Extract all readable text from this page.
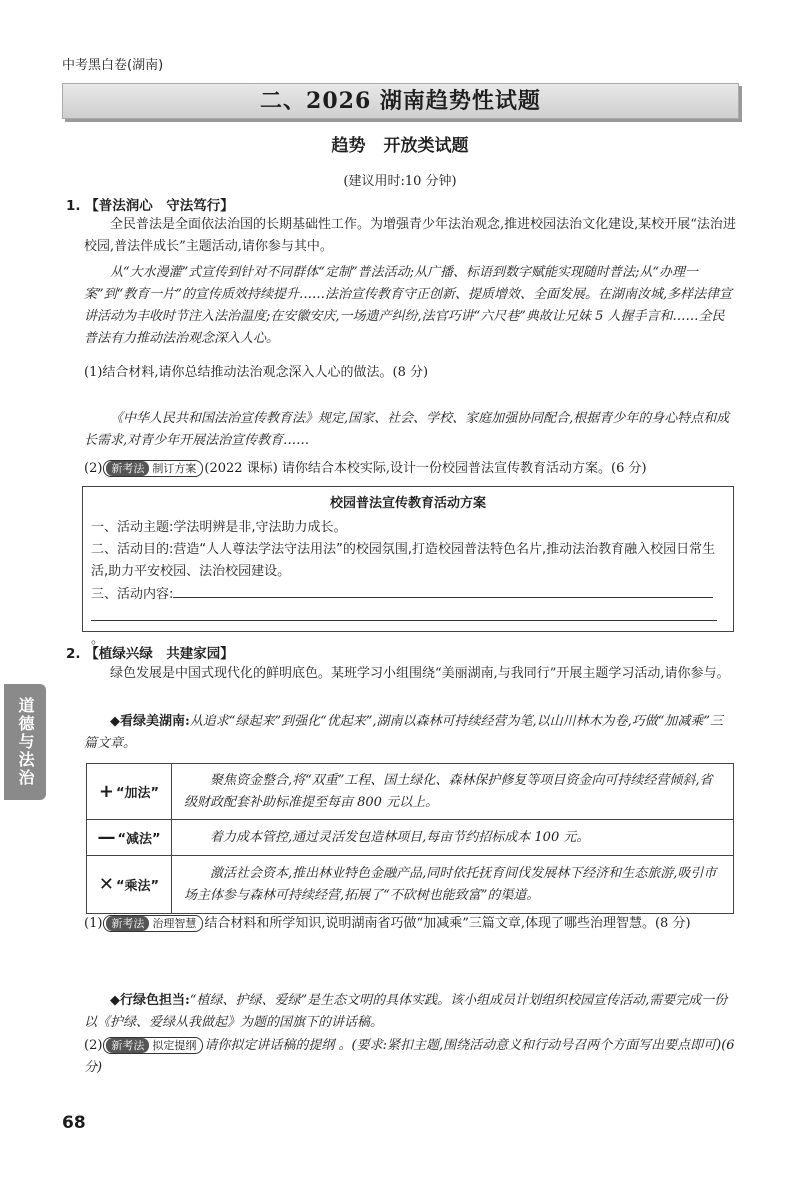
中考黑白卷(湖南)
二、2026 湖南趋势性试题
趋势 开放类试题
(建议用时:10 分钟)
1. 【普法润心　守法笃行】
全民普法是全面依法治国的长期基础性工作。为增强青少年法治观念,推进校园法治文化建设,某校开展“法治进校园,普法伴成长”主题活动,请你参与其中。
从“大水漫灌”式宣传到针对不同群体“定制”普法活动;从广播、标语到数字赋能实现随时普法;从“办理一案”到“教育一片”的宣传质效持续提升……法治宣传教育守正创新、提质增效、全面发展。在湖南汝城,多样法律宣讲活动为丰收时节注入法治温度;在安徽安庆,一场遗产纠纷,法官巧讲“六尺巷”典故让兄妹 5 人握手言和……全民普法有力推动法治观念深入人心。
(1)结合材料,请你总结推动法治观念深入人心的做法。(8 分)
《中华人民共和国法治宣传教育法》规定,国家、社会、学校、家庭加强协同配合,根据青少年的身心特点和成长需求,对青少年开展法治宣传教育……
(2) 新考法 制订方案 (2022 课标) 请你结合本校实际,设计一份校园普法宣传教育活动方案。(6 分)
校园普法宣传教育活动方案
一、活动主题:学法明辨是非,守法助力成长。
二、活动目的:营造“人人尊法学法守法用法”的校园氛围,打造校园普法特色名片,推动法治教育融入校园日常生活,助力平安校园、法治校园建设。
三、活动内容:
。
2. 【植绿兴绿　共建家园】
道德与法治
绿色发展是中国式现代化的鲜明底色。某班学习小组围绕“美丽湖南,与我同行”开展主题学习活动,请你参与。
◆看绿美湖南:从追求“绿起来”到强化“优起来”,湖南以森林可持续经营为笔,以山川林木为卷,巧做“加减乘”三篇文章。
+ “加法”	聚焦资金整合,将“双重”工程、国土绿化、森林保护修复等项目资金向可持续经营倾斜,省级财政配套补助标准提至每亩 800 元以上。
— “减法”	着力成本管控,通过灵活发包造林项目,每亩节约招标成本 100 元。
✕ “乘法”	激活社会资本,推出林业特色金融产品,同时依托抚育间伐发展林下经济和生态旅游,吸引市场主体参与森林可持续经营,拓展了“不砍树也能致富”的渠道。
(1) 新考法 治理智慧 结合材料和所学知识,说明湖南省巧做“加减乘”三篇文章,体现了哪些治理智慧。(8 分)
◆行绿色担当:“植绿、护绿、爱绿”是生态文明的具体实践。该小组成员计划组织校园宣传活动,需要完成一份以《护绿、爱绿从我做起》为题的国旗下的讲话稿。
(2) 新考法 拟定提纲 请你拟定讲话稿的提纲 。(要求:紧扣主题,围绕活动意义和行动号召两个方面写出要点即可)(6 分)
68
